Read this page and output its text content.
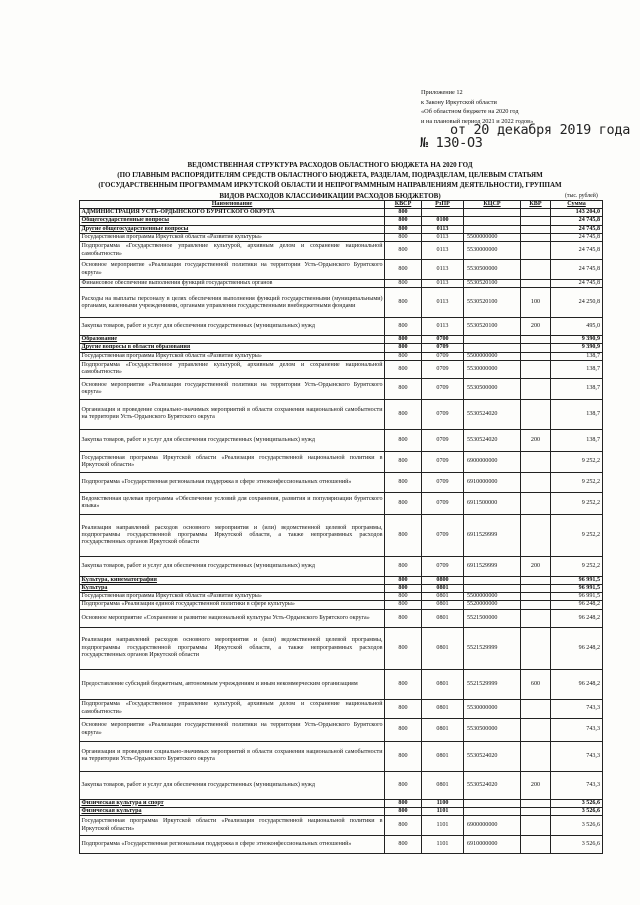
Приложение 12
к Закону Иркутской области
«Об областном бюджете на 2020 год
и на плановый период 2021 и 2022 годов»
от 20 декабря 2019 года
№ 130-ОЗ
ВЕДОМСТВЕННАЯ СТРУКТУРА РАСХОДОВ ОБЛАСТНОГО БЮДЖЕТА НА 2020 ГОД
(ПО ГЛАВНЫМ РАСПОРЯДИТЕЛЯМ СРЕДСТВ ОБЛАСТНОГО БЮДЖЕТА, РАЗДЕЛАМ, ПОДРАЗДЕЛАМ, ЦЕЛЕВЫМ СТАТЬЯМ
(ГОСУДАРСТВЕННЫМ ПРОГРАММАМ ИРКУТСКОЙ ОБЛАСТИ И НЕПРОГРАММНЫМ НАПРАВЛЕНИЯМ ДЕЯТЕЛЬНОСТИ), ГРУППАМ
ВИДОВ РАСХОДОВ КЛАССИФИКАЦИИ РАСХОДОВ БЮДЖЕТОВ)	(тыс. рублей)
Наименование	КВСР	РзПР	КЦСР	КВР	Сумма
АДМИНИСТРАЦИЯ УСТЬ-ОРДЫНСКОГО БУРЯТСКОГО ОКРУГА	800				143 204,0
Общегосударственные вопросы	800	0100			24 745,8
Другие общегосударственные вопросы	800	0113			24 745,8
Государственная программа Иркутской области «Развитие культуры»	800	0113	5500000000		24 745,8
Подпрограмма «Государственное управление культурой, архивным делом и сохранение национальной самобытности»	800	0113	5530000000		24 745,8
Основное мероприятие «Реализация государственной политики на территории Усть-Ордынского Бурятского округа»	800	0113	5530500000		24 745,8
Финансовое обеспечение выполнения функций государственных органов	800	0113	5530520100		24 745,8
Расходы на выплаты персоналу в целях обеспечения выполнения функций государственными (муниципальными) органами, казенными учреждениями, органами управления государственными внебюджетными фондами	800	0113	5530520100	100	24 250,8
Закупка товаров, работ и услуг для обеспечения государственных (муниципальных) нужд	800	0113	5530520100	200	495,0
Образование	800	0700			9 390,9
Другие вопросы в области образования	800	0709			9 390,9
Государственная программа Иркутской области «Развитие культуры»	800	0709	5500000000		138,7
Подпрограмма «Государственное управление культурой, архивным делом и сохранение национальной самобытности»	800	0709	5530000000		138,7
Основное мероприятие «Реализация государственной политики на территории Усть-Ордынского Бурятского округа»	800	0709	5530500000		138,7
Организация и проведение социально-значимых мероприятий в области сохранения национальной самобытности на территории Усть-Ордынского Бурятского округа	800	0709	5530524020		138,7
Закупка товаров, работ и услуг для обеспечения государственных (муниципальных) нужд	800	0709	5530524020	200	138,7
Государственная программа Иркутской области «Реализация государственной национальной политики в Иркутской области»	800	0709	6900000000		9 252,2
Подпрограмма «Государственная региональная поддержка в сфере этноконфессиональных отношений»	800	0709	6910000000		9 252,2
Ведомственная целевая программа «Обеспечение условий для сохранения, развития и популяризации бурятского языка»	800	0709	6911500000		9 252,2
Реализация направлений расходов основного мероприятия и (или) ведомственной целевой программы, подпрограммы государственной программы Иркутской области, а также непрограммных расходов государственных органов Иркутской области	800	0709	6911529999		9 252,2
Закупка товаров, работ и услуг для обеспечения государственных (муниципальных) нужд	800	0709	6911529999	200	9 252,2
Культура, кинематография	800	0800			96 991,5
Культура	800	0801			96 991,5
Государственная программа Иркутской области «Развитие культуры»	800	0801	5500000000		96 991,5
Подпрограмма «Реализация единой государственной политики в сфере культуры»	800	0801	5520000000		96 248,2
Основное мероприятие «Сохранение и развитие национальной культуры Усть-Ордынского Бурятского округа»	800	0801	5521500000		96 248,2
Реализация направлений расходов основного мероприятия и (или) ведомственной целевой программы, подпрограммы государственной программы Иркутской области, а также непрограммных расходов государственных органов Иркутской области	800	0801	5521529999		96 248,2
Предоставление субсидий бюджетным, автономным учреждениям и иным некоммерческим организациям	800	0801	5521529999	600	96 248,2
Подпрограмма «Государственное управление культурой, архивным делом и сохранение национальной самобытности»	800	0801	5530000000		743,3
Основное мероприятие «Реализация государственной политики на территории Усть-Ордынского Бурятского округа»	800	0801	5530500000		743,3
Организация и проведение социально-значимых мероприятий в области сохранения национальной самобытности на территории Усть-Ордынского Бурятского округа	800	0801	5530524020		743,3
Закупка товаров, работ и услуг для обеспечения государственных (муниципальных) нужд	800	0801	5530524020	200	743,3
Физическая культура и спорт	800	1100			3 526,6
Физическая культура	800	1101			3 526,6
Государственная программа Иркутской области «Реализация государственной национальной политики в Иркутской области»	800	1101	6900000000		3 526,6
Подпрограмма «Государственная региональная поддержка в сфере этноконфессиональных отношений»	800	1101	6910000000		3 526,6
